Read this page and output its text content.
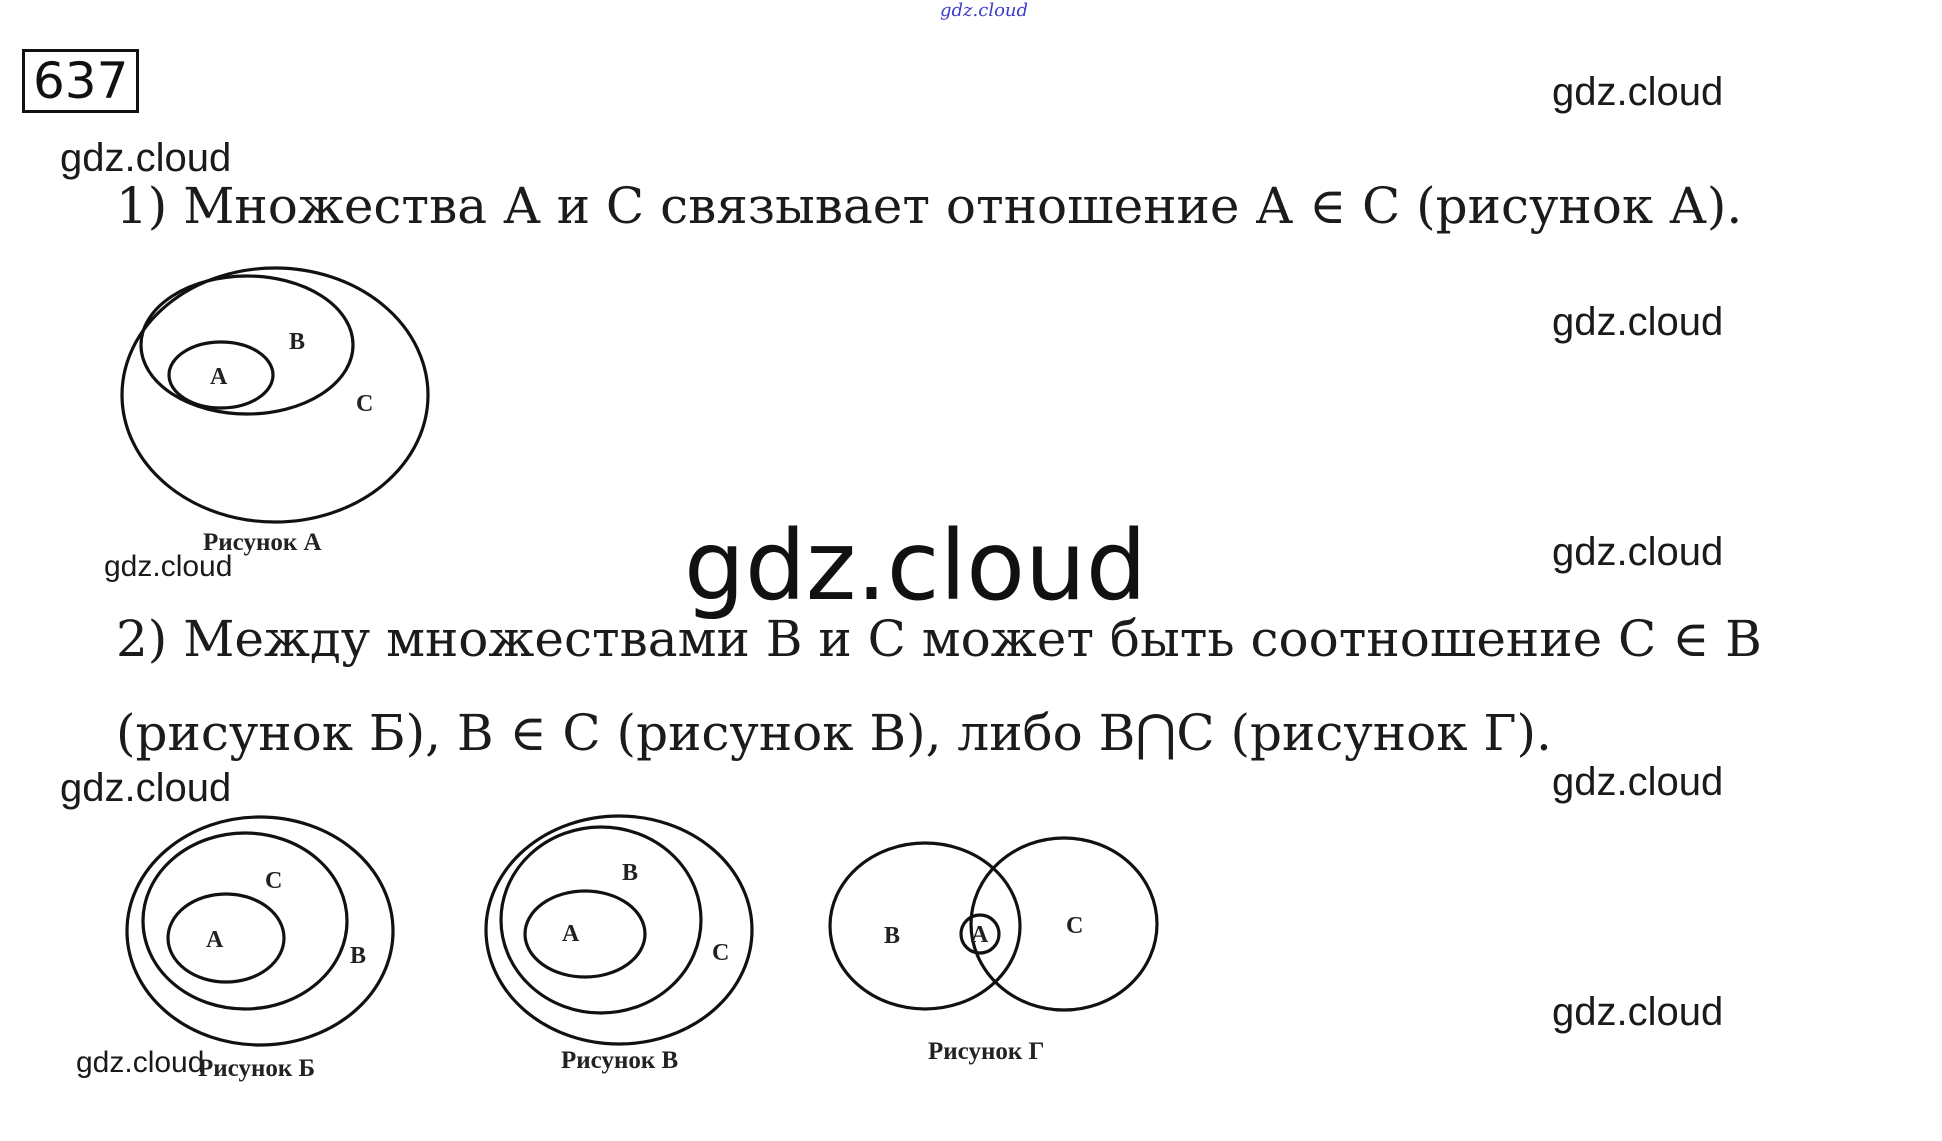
gdz.cloud
637	gdz.cloud
gdz.cloud
gdz.cloud
gdz.cloud
gdz.cloud
gdz.cloud
gdz.cloud
gdz.cloud
gdz.cloud
gdz.cloud
1) Множества А и С связывает отношение А ∈ С (рисунок А).
А
В
С
Рисунок А
2) Между множествами В и С может быть соотношение С ∈ В
(рисунок Б), В ∈ С (рисунок В), либо В⋂С (рисунок Г).
А
С
В
Рисунок Б
А
В
С
Рисунок В
В	А	С
Рисунок Г
